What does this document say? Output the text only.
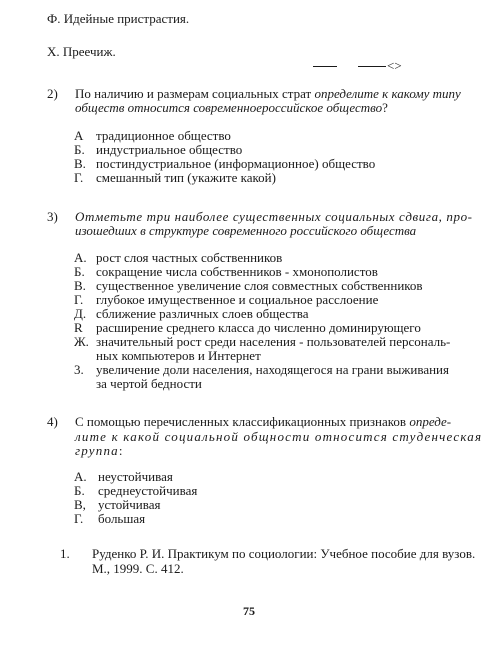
Ф. Идейные пристрастия.
Х. Преечиж.
<>
2) По наличию и размерам социальных страт определите к какому типу
обществ относится современноероссийское общество?
А традиционное общество
Б. индустриальное общество
В. постиндустриальное (информационное) общество
Г. смешанный тип (укажите какой)
3) Отметьте три наиболее существенных социальных сдвига, про-
изошедших в структуре современного российского общества
А. рост слоя частных собственников
Б. сокращение числа собственников - хмонополистов
В. существенное увеличение слоя совместных собственников
Г. глубокое имущественное и социальное расслоение
Д. сближение различных слоев общества
R расширение среднего класса до численно доминирующего
Ж. значительный рост среди населения - пользователей персональ-
ных компьютеров и Интернет
3. увеличение доли населения, находящегося на грани выживания
за чертой бедности
4) С помощью перечисленных классификационных признаков опреде-
лите к какой социальной общности относится студенческая
группа:
А. неустойчивая
Б. среднеустойчивая
В, устойчивая
Г. большая
1. Руденко Р. И. Практикум по социологии: Учебное пособие для вузов.
М., 1999. С. 412.
75
